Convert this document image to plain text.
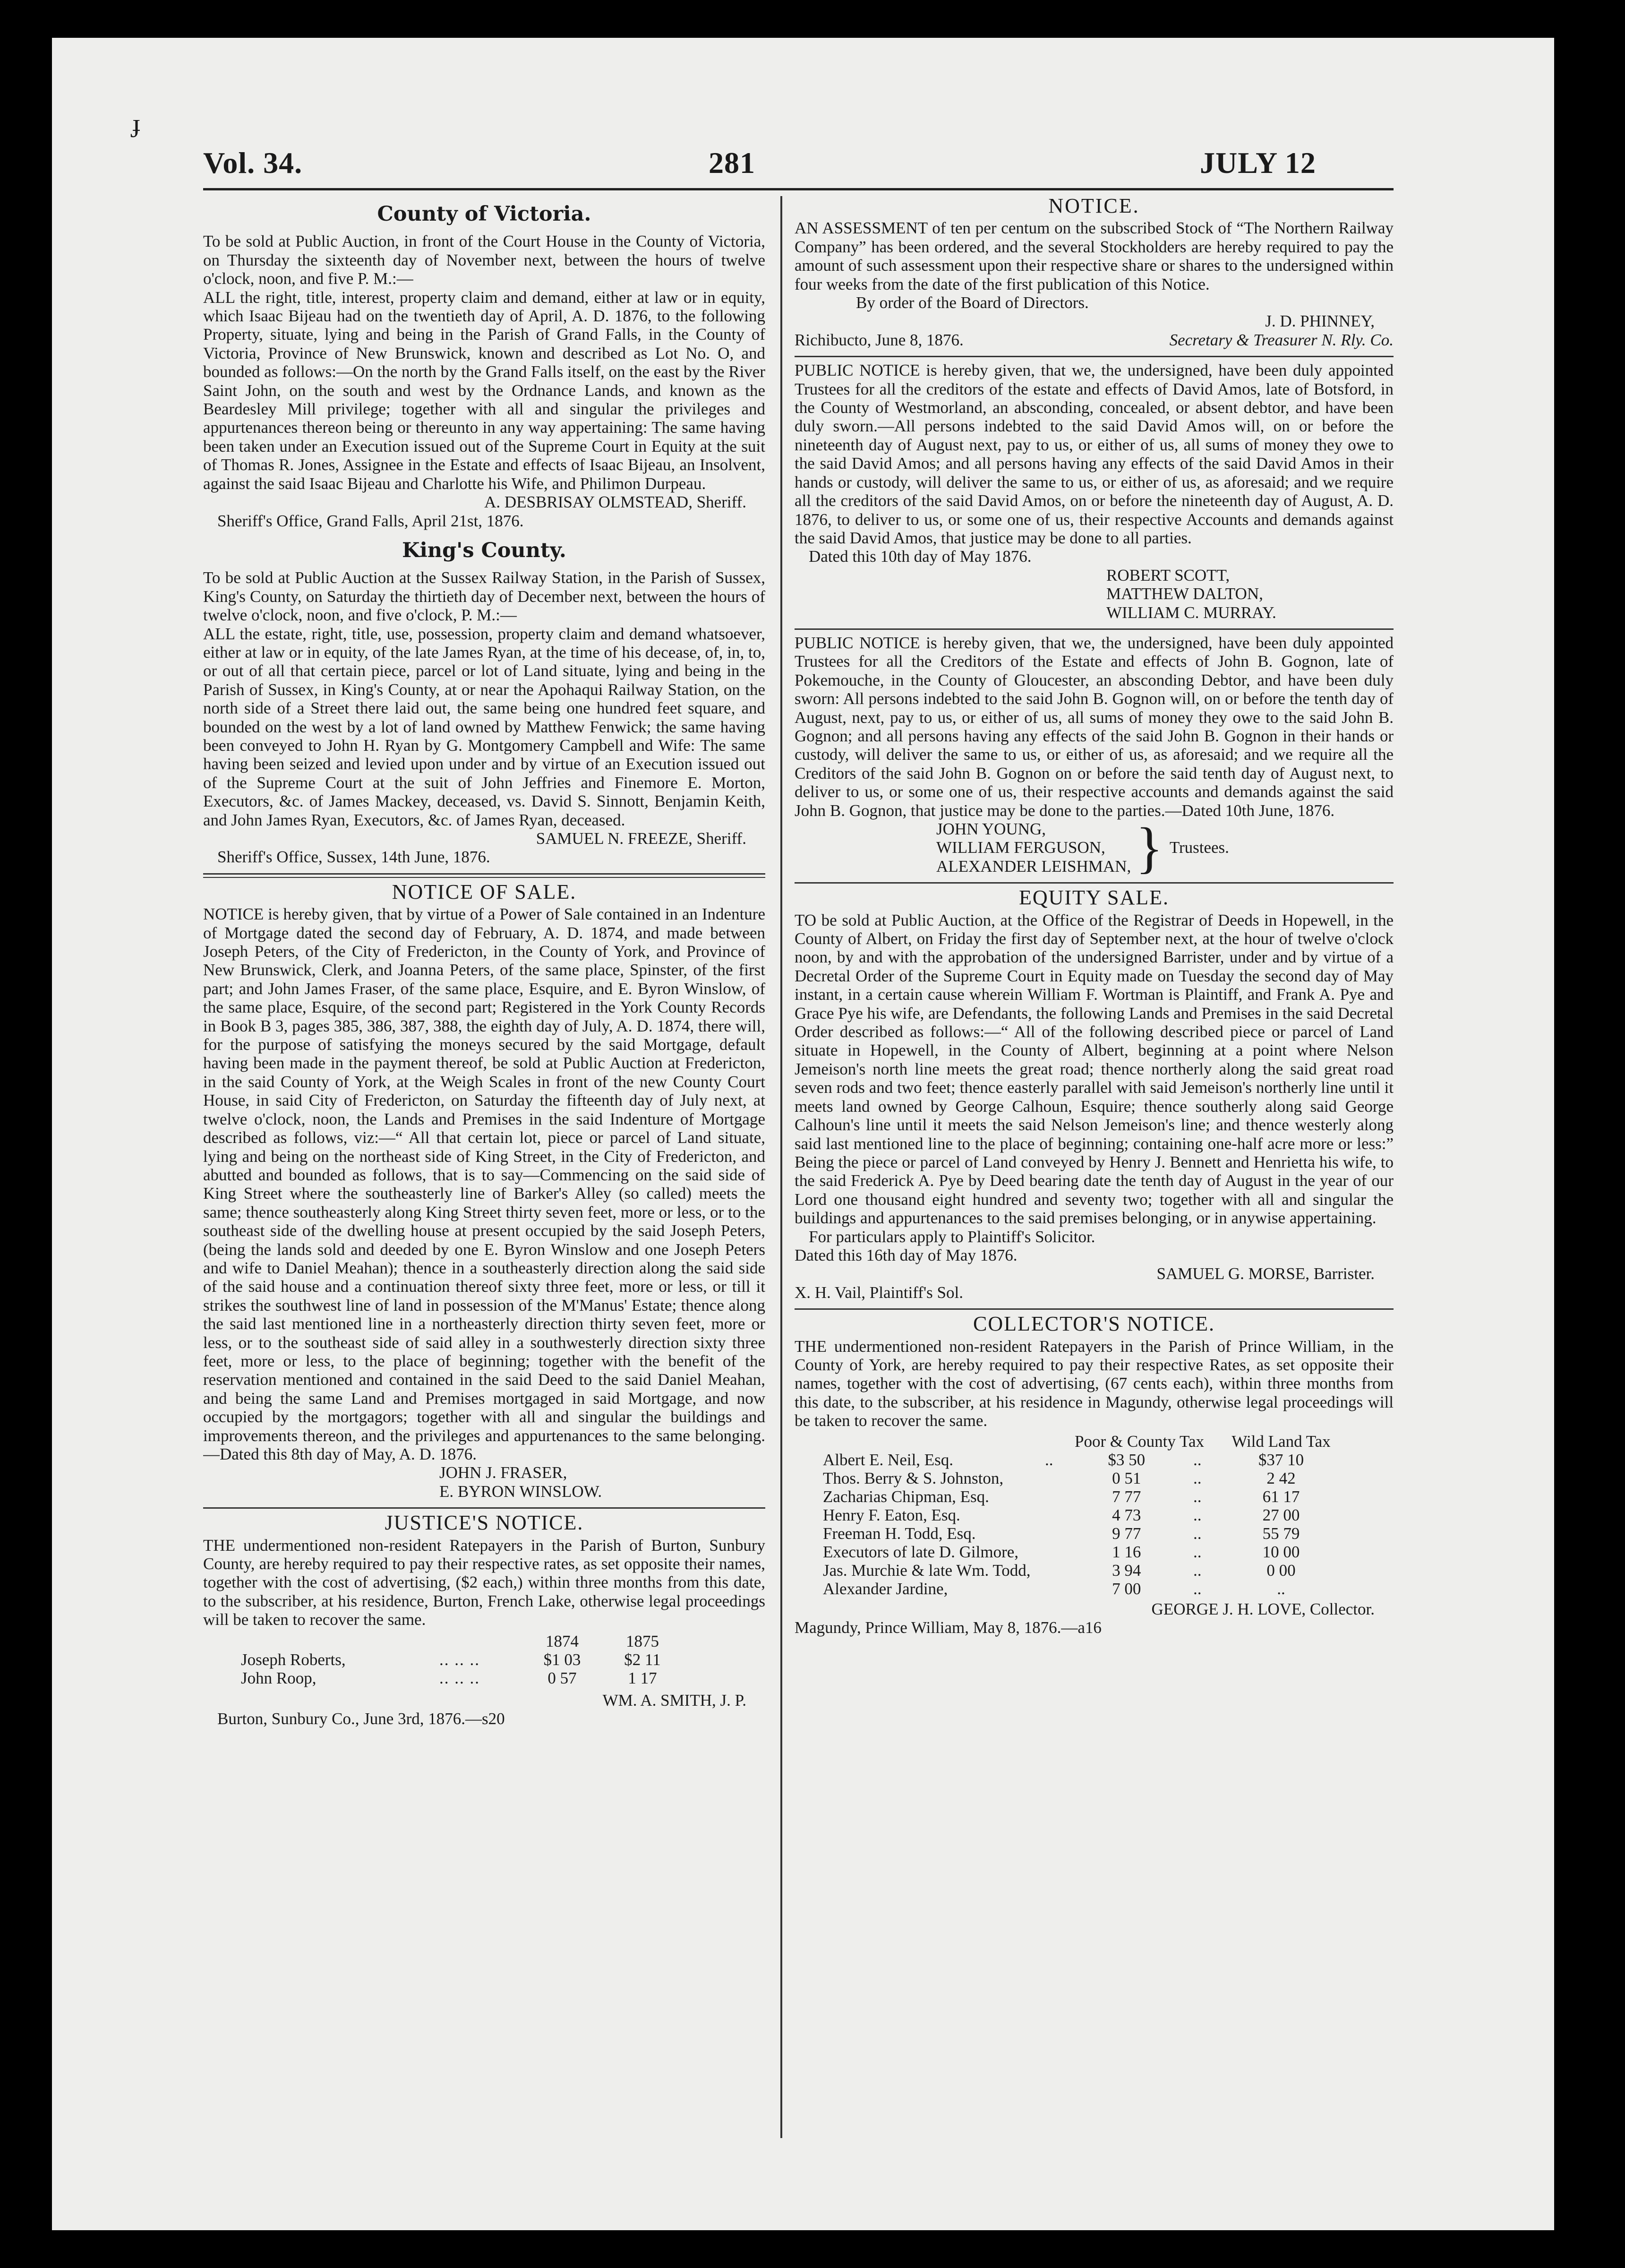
ɟ
Vol. 34.	281	JULY 12
County of Victoria.

To be sold at Public Auction, in front of the Court House in the County of Victoria, on Thursday the sixteenth day of November next, between the hours of twelve o'clock, noon, and five P. M.:—

ALL the right, title, interest, property claim and demand, either at law or in equity, which Isaac Bijeau had on the twentieth day of April, A. D. 1876, to the following Property, situate, lying and being in the Parish of Grand Falls, in the County of Victoria, Province of New Brunswick, known and described as Lot No. O, and bounded as follows:—On the north by the Grand Falls itself, on the east by the River Saint John, on the south and west by the Ordnance Lands, and known as the Beardesley Mill privilege; together with all and singular the privileges and appurtenances thereon being or thereunto in any way appertaining: The same having been taken under an Execution issued out of the Supreme Court in Equity at the suit of Thomas R. Jones, Assignee in the Estate and effects of Isaac Bijeau, an Insolvent, against the said Isaac Bijeau and Charlotte his Wife, and Philimon Durpeau.

A. DESBRISAY OLMSTEAD, Sheriff.

Sheriff's Office, Grand Falls, April 21st, 1876.

King's County.

To be sold at Public Auction at the Sussex Railway Station, in the Parish of Sussex, King's County, on Saturday the thirtieth day of December next, between the hours of twelve o'clock, noon, and five o'clock, P. M.:—

ALL the estate, right, title, use, possession, property claim and demand whatsoever, either at law or in equity, of the late James Ryan, at the time of his decease, of, in, to, or out of all that certain piece, parcel or lot of Land situate, lying and being in the Parish of Sussex, in King's County, at or near the Apohaqui Railway Station, on the north side of a Street there laid out, the same being one hundred feet square, and bounded on the west by a lot of land owned by Matthew Fenwick; the same having been conveyed to John H. Ryan by G. Montgomery Campbell and Wife: The same having been seized and levied upon under and by virtue of an Execution issued out of the Supreme Court at the suit of John Jeffries and Finemore E. Morton, Executors, &c. of James Mackey, deceased, vs. David S. Sinnott, Benjamin Keith, and John James Ryan, Executors, &c. of James Ryan, deceased.

SAMUEL N. FREEZE, Sheriff.

Sheriff's Office, Sussex, 14th June, 1876.

NOTICE OF SALE.

NOTICE is hereby given, that by virtue of a Power of Sale contained in an Indenture of Mortgage dated the second day of February, A. D. 1874, and made between Joseph Peters, of the City of Fredericton, in the County of York, and Province of New Brunswick, Clerk, and Joanna Peters, of the same place, Spinster, of the first part; and John James Fraser, of the same place, Esquire, and E. Byron Winslow, of the same place, Esquire, of the second part; Registered in the York County Records in Book B 3, pages 385, 386, 387, 388, the eighth day of July, A. D. 1874, there will, for the purpose of satisfying the moneys secured by the said Mortgage, default having been made in the payment thereof, be sold at Public Auction at Fredericton, in the said County of York, at the Weigh Scales in front of the new County Court House, in said City of Fredericton, on Saturday the fifteenth day of July next, at twelve o'clock, noon, the Lands and Premises in the said Indenture of Mortgage described as follows, viz:—“ All that certain lot, piece or parcel of Land situate, lying and being on the northeast side of King Street, in the City of Fredericton, and abutted and bounded as follows, that is to say—Commencing on the said side of King Street where the southeasterly line of Barker's Alley (so called) meets the same; thence southeasterly along King Street thirty seven feet, more or less, or to the southeast side of the dwelling house at present occupied by the said Joseph Peters, (being the lands sold and deeded by one E. Byron Winslow and one Joseph Peters and wife to Daniel Meahan); thence in a southeasterly direction along the said side of the said house and a continuation thereof sixty three feet, more or less, or till it strikes the southwest line of land in possession of the M'Manus' Estate; thence along the said last mentioned line in a northeasterly direction thirty seven feet, more or less, or to the southeast side of said alley in a southwesterly direction sixty three feet, more or less, to the place of beginning; together with the benefit of the reservation mentioned and contained in the said Deed to the said Daniel Meahan, and being the same Land and Premises mortgaged in said Mortgage, and now occupied by the mortgagors; together with all and singular the buildings and improvements thereon, and the privileges and appurtenances to the same belonging.—Dated this 8th day of May, A. D. 1876.

JOHN J. FRASER,

E. BYRON WINSLOW.

JUSTICE'S NOTICE.

THE undermentioned non-resident Ratepayers in the Parish of Burton, Sunbury County, are hereby required to pay their respective rates, as set opposite their names, together with the cost of advertising, ($2 each,) within three months from this date, to the subscriber, at his residence, Burton, French Lake, otherwise legal proceedings will be taken to recover the same.

		1874	1875
Joseph Roberts,	.. .. ..	$1 03	$2 11
John Roop,	.. .. ..	0 57	1 17

WM. A. SMITH, J. P.

Burton, Sunbury Co., June 3rd, 1876.—s20

NOTICE.

AN ASSESSMENT of ten per centum on the subscribed Stock of “The Northern Railway Company” has been ordered, and the several Stockholders are hereby required to pay the amount of such assessment upon their respective share or shares to the undersigned within four weeks from the date of the first publication of this Notice.

By order of the Board of Directors.

J. D. PHINNEY,

Richibucto, June 8, 1876.	Secretary & Treasurer N. Rly. Co.

PUBLIC NOTICE is hereby given, that we, the undersigned, have been duly appointed Trustees for all the creditors of the estate and effects of David Amos, late of Botsford, in the County of Westmorland, an absconding, concealed, or absent debtor, and have been duly sworn.—All persons indebted to the said David Amos will, on or before the nineteenth day of August next, pay to us, or either of us, all sums of money they owe to the said David Amos; and all persons having any effects of the said David Amos in their hands or custody, will deliver the same to us, or either of us, as aforesaid; and we require all the creditors of the said David Amos, on or before the nineteenth day of August, A. D. 1876, to deliver to us, or some one of us, their respective Accounts and demands against the said David Amos, that justice may be done to all parties.

Dated this 10th day of May 1876.

ROBERT SCOTT,

MATTHEW DALTON,

WILLIAM C. MURRAY.

PUBLIC NOTICE is hereby given, that we, the undersigned, have been duly appointed Trustees for all the Creditors of the Estate and effects of John B. Gognon, late of Pokemouche, in the County of Gloucester, an absconding Debtor, and have been duly sworn: All persons indebted to the said John B. Gognon will, on or before the tenth day of August, next, pay to us, or either of us, all sums of money they owe to the said John B. Gognon; and all persons having any effects of the said John B. Gognon in their hands or custody, will deliver the same to us, or either of us, as aforesaid; and we require all the Creditors of the said John B. Gognon on or before the said tenth day of August next, to deliver to us, or some one of us, their respective accounts and demands against the said John B. Gognon, that justice may be done to the parties.—Dated 10th June, 1876.

JOHN YOUNG,

WILLIAM FERGUSON,

ALEXANDER LEISHMAN, } Trustees.
EQUITY SALE.

TO be sold at Public Auction, at the Office of the Registrar of Deeds in Hopewell, in the County of Albert, on Friday the first day of September next, at the hour of twelve o'clock noon, by and with the approbation of the undersigned Barrister, under and by virtue of a Decretal Order of the Supreme Court in Equity made on Tuesday the second day of May instant, in a certain cause wherein William F. Wortman is Plaintiff, and Frank A. Pye and Grace Pye his wife, are Defendants, the following Lands and Premises in the said Decretal Order described as follows:—“ All of the following described piece or parcel of Land situate in Hopewell, in the County of Albert, beginning at a point where Nelson Jemeison's north line meets the great road; thence northerly along the said great road seven rods and two feet; thence easterly parallel with said Jemeison's northerly line until it meets land owned by George Calhoun, Esquire; thence southerly along said George Calhoun's line until it meets the said Nelson Jemeison's line; and thence westerly along said last mentioned line to the place of beginning; containing one-half acre more or less:” Being the piece or parcel of Land conveyed by Henry J. Bennett and Henrietta his wife, to the said Frederick A. Pye by Deed bearing date the tenth day of August in the year of our Lord one thousand eight hundred and seventy two; together with all and singular the buildings and appurtenances to the said premises belonging, or in anywise appertaining.

For particulars apply to Plaintiff's Solicitor.

Dated this 16th day of May 1876.

SAMUEL G. MORSE, Barrister.

X. H. Vail, Plaintiff's Sol.

COLLECTOR'S NOTICE.

THE undermentioned non-resident Ratepayers in the Parish of Prince William, in the County of York, are hereby required to pay their respective Rates, as set opposite their names, together with the cost of advertising, (67 cents each), within three months from this date, to the subscriber, at his residence in Magundy, otherwise legal proceedings will be taken to recover the same.

		Poor & County Tax		Wild Land Tax
Albert E. Neil, Esq.	..	$3 50	..	$37 10
Thos. Berry & S. Johnston,		0 51	..	2 42
Zacharias Chipman, Esq.		7 77	..	61 17
Henry F. Eaton, Esq.		4 73	..	27 00
Freeman H. Todd, Esq.		9 77	..	55 79
Executors of late D. Gilmore,		1 16	..	10 00
Jas. Murchie & late Wm. Todd,		3 94	..	0 00
Alexander Jardine,		7 00	..	..

GEORGE J. H. LOVE, Collector.

Magundy, Prince William, May 8, 1876.—a16
